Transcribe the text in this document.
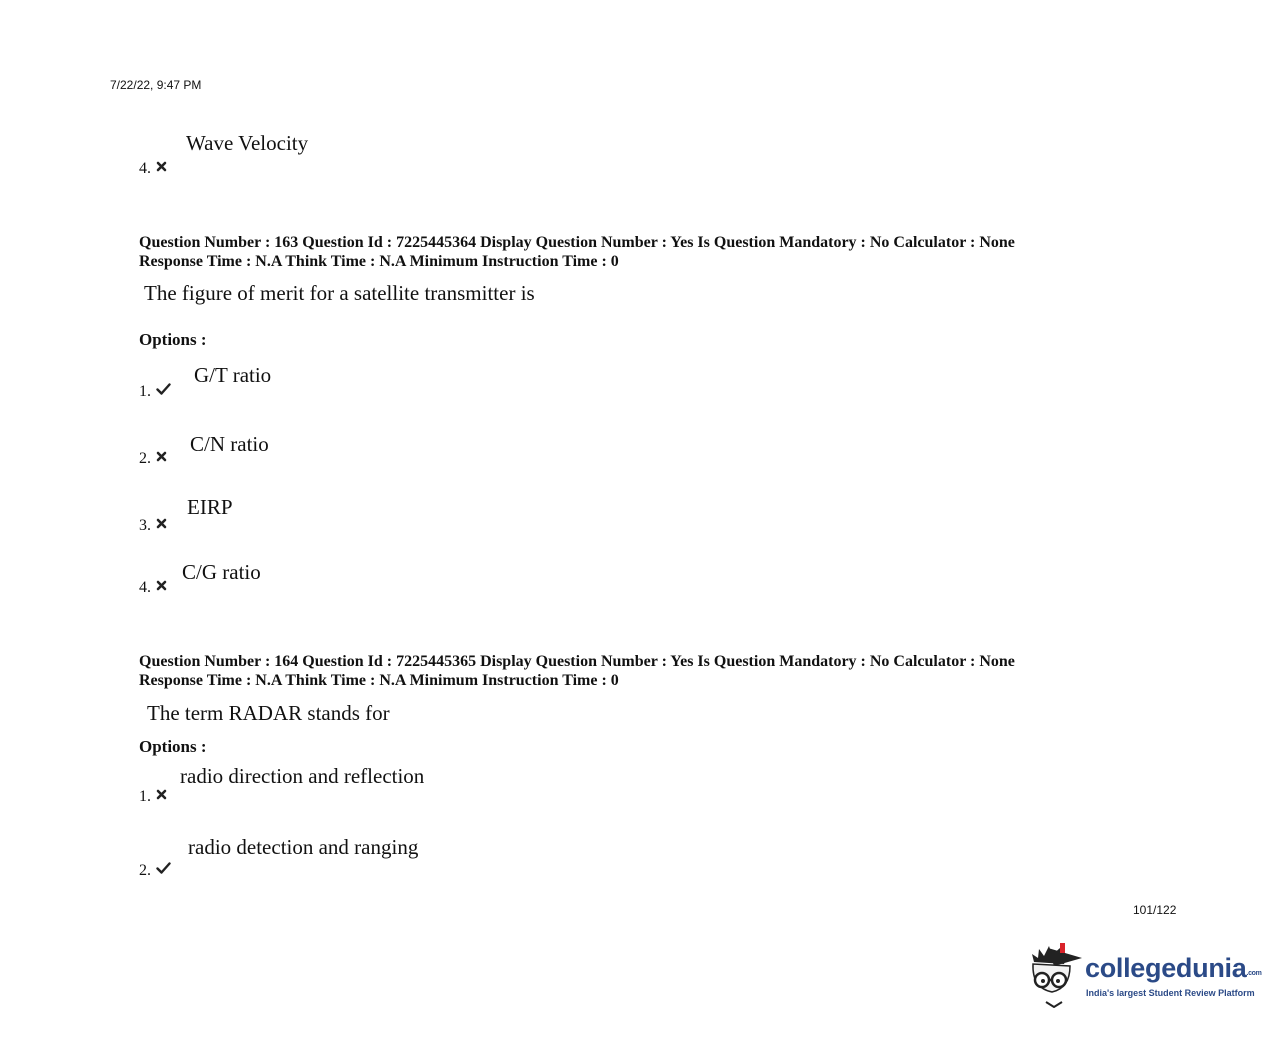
7/22/22, 9:47 PM
Wave Velocity
4.
Question Number : 163 Question Id : 7225445364 Display Question Number : Yes Is Question Mandatory : No Calculator : None
Response Time : N.A Think Time : N.A Minimum Instruction Time : 0
The figure of merit for a satellite transmitter is
Options :
G/T ratio
1.
C/N ratio
2.
EIRP
3.
C/G ratio
4.
Question Number : 164 Question Id : 7225445365 Display Question Number : Yes Is Question Mandatory : No Calculator : None
Response Time : N.A Think Time : N.A Minimum Instruction Time : 0
The term RADAR stands for
Options :
radio direction and reflection
1.
radio detection and ranging
2.
101/122
collegedunia.com
India's largest Student Review Platform
